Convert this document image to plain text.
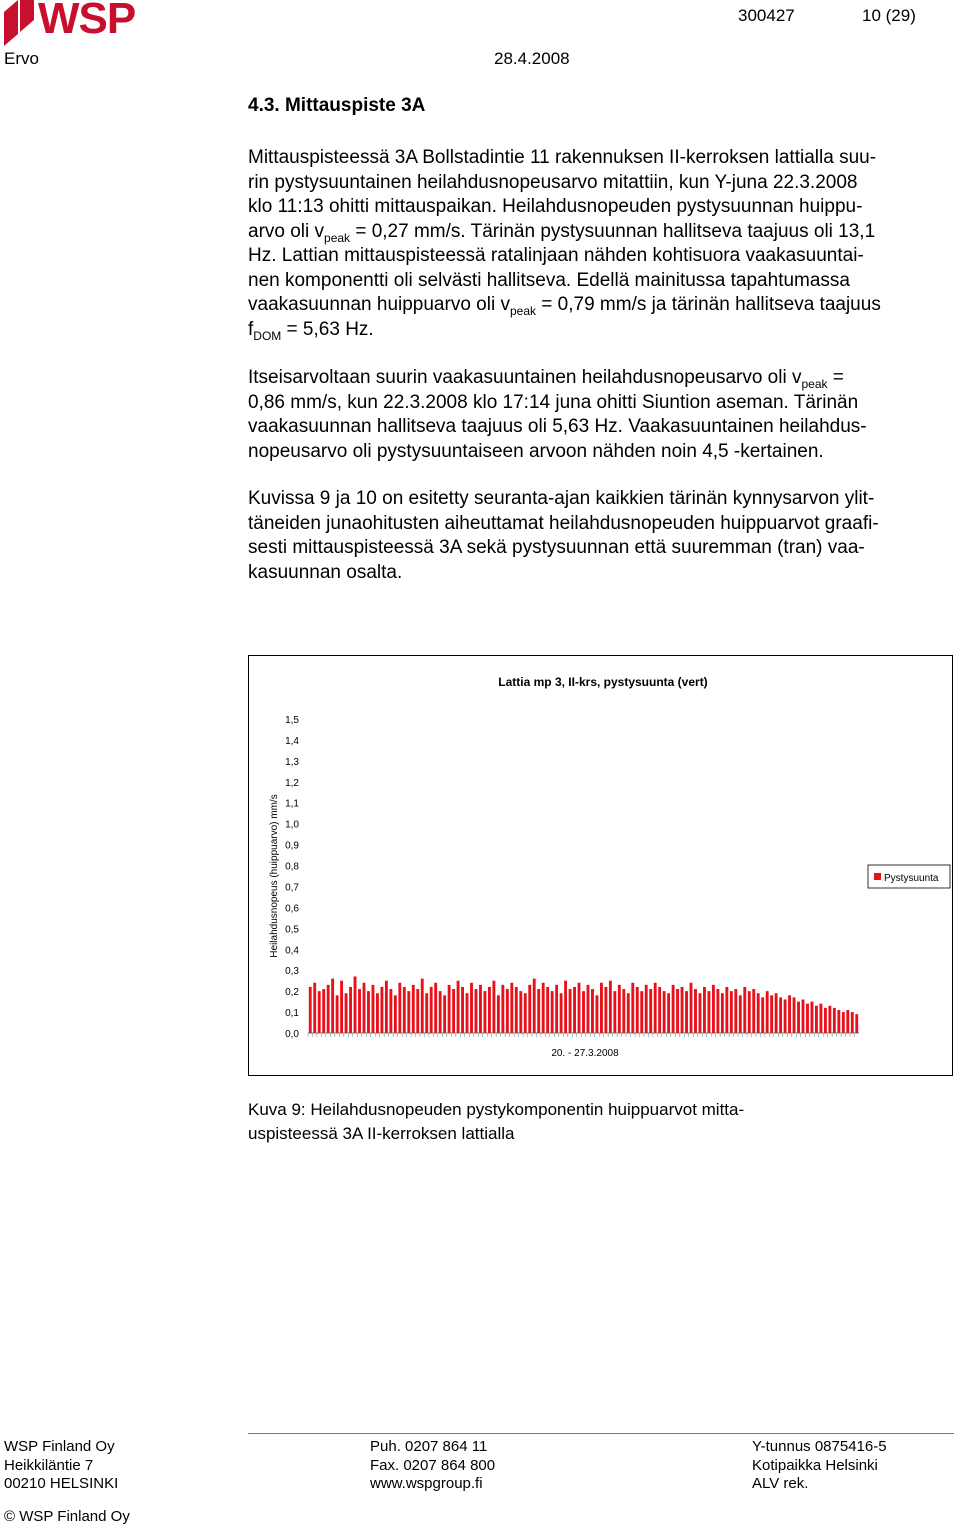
WSP
Ervo	28.4.2008
300427	10 (29)
4.3. Mittauspiste 3A
Mittauspisteessä 3A Bollstadintie 11 rakennuksen II-kerroksen lattialla suu-
rin pystysuuntainen heilahdusnopeusarvo mitattiin, kun Y-juna 22.3.2008
klo 11:13 ohitti mittauspaikan. Heilahdusnopeuden pystysuunnan huippu-
arvo oli $v_{peak} = 0,27$ mm/s. Tärinän pystysuunnan hallitseva taajuus oli 13,1
Hz. Lattian mittauspisteessä ratalinjaan nähden kohtisuora vaakasuuntai-
nen komponentti oli selvästi hallitseva. Edellä mainitussa tapahtumassa
vaakasuunnan huippuarvo oli $v_{peak} = 0,79$ mm/s ja tärinän hallitseva taajuus
$f_{DOM} = 5,63$ Hz.
Itseisarvoltaan suurin vaakasuuntainen heilahdusnopeusarvo oli $v_{peak}$ =
0,86 mm/s, kun 22.3.2008 klo 17:14 juna ohitti Siuntion aseman. Tärinän
vaakasuunnan hallitseva taajuus oli 5,63 Hz. Vaakasuuntainen heilahdus-
nopeusarvo oli pystysuuntaiseen arvoon nähden noin 4,5 -kertainen.
Kuvissa 9 ja 10 on esitetty seuranta-ajan kaikkien tärinän kynnysarvon ylit-
täneiden junaohitusten aiheuttamat heilahdusnopeuden huippuarvot graafi-
sesti mittauspisteessä 3A sekä pystysuunnan että suuremman (tran) vaa-
kasuunnan osalta.
Lattia mp 3, II-krs, pystysuunta (vert)
Heilahdusnopeus (huippuarvo) mm/s
20. - 27.3.2008
0,0
0,1
0,2
0,3
0,4
0,5
0,6
0,7
0,8
0,9
1,0
1,1
1,2
1,3
1,4
1,5
Pystysuunta
Kuva 9: Heilahdusnopeuden pystykomponentin huippuarvot mitta-
uspisteessä 3A II-kerroksen lattialla
WSP Finland Oy
Heikkiläntie 7
00210 HELSINKI
Puh. 0207 864 11
Fax. 0207 864 800
www.wspgroup.fi
Y-tunnus 0875416-5
Kotipaikka Helsinki
ALV rek.
© WSP Finland Oy
